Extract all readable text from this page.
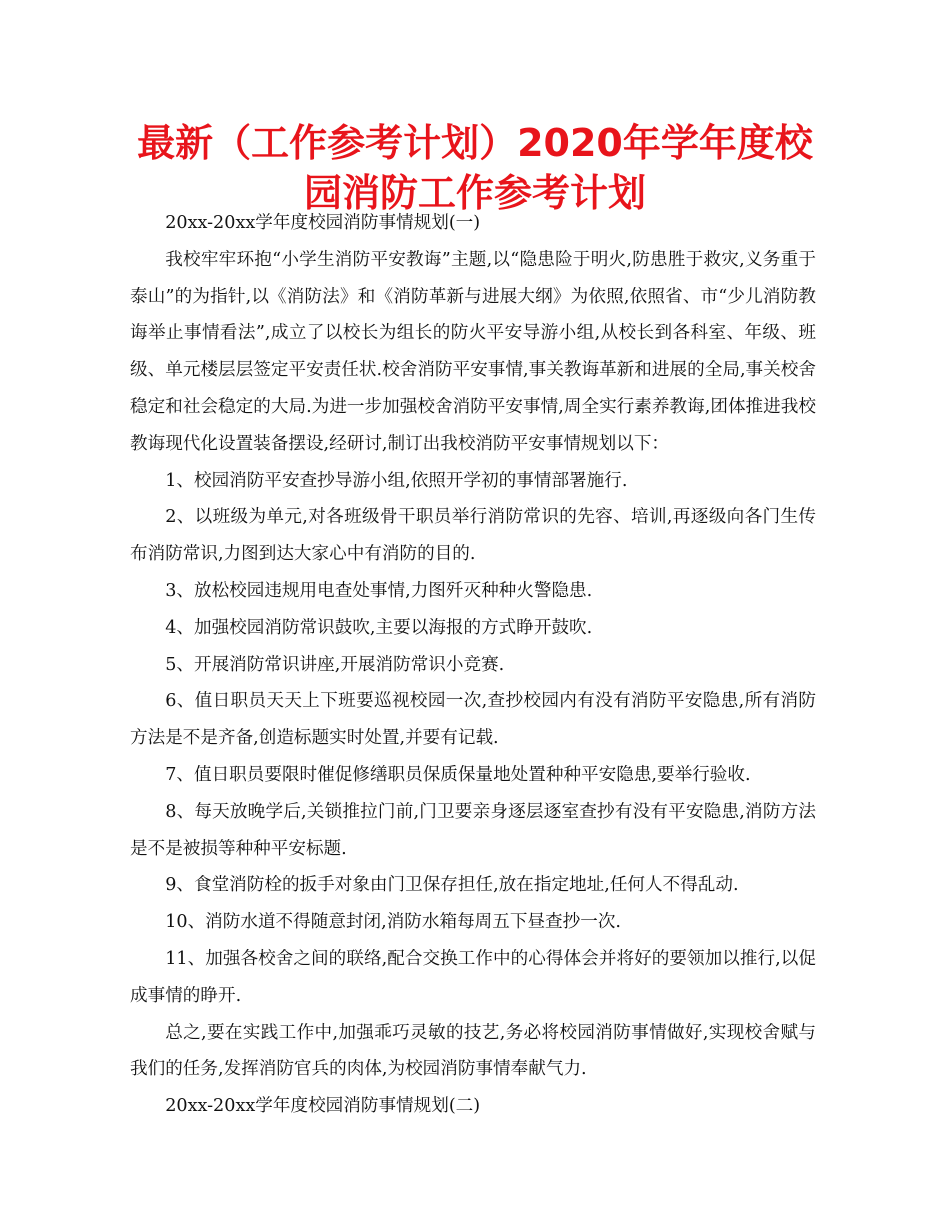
最新（工作参考计划）2020年学年度校园消防工作参考计划

20xx-20xx学年度校园消防事情规划(一)

我校牢牢环抱“小学生消防平安教诲”主题,以“隐患险于明火,防患胜于救灾,义务重于泰山”的为指针,以《消防法》和《消防革新与进展大纲》为依照,依照省、市“少儿消防教诲举止事情看法”,成立了以校长为组长的防火平安导游小组,从校长到各科室、年级、班级、单元楼层层签定平安责任状.校舍消防平安事情,事关教诲革新和进展的全局,事关校舍稳定和社会稳定的大局.为进一步加强校舍消防平安事情,周全实行素养教诲,团体推进我校教诲现代化设置装备摆设,经研讨,制订出我校消防平安事情规划以下：

1、校园消防平安查抄导游小组,依照开学初的事情部署施行.

2、以班级为单元,对各班级骨干职员举行消防常识的先容、培训,再逐级向各门生传布消防常识,力图到达大家心中有消防的目的.

3、放松校园违规用电查处事情,力图歼灭种种火警隐患.

4、加强校园消防常识鼓吹,主要以海报的方式睁开鼓吹.

5、开展消防常识讲座,开展消防常识小竞赛.

6、值日职员天天上下班要巡视校园一次,查抄校园内有没有消防平安隐患,所有消防方法是不是齐备,创造标题实时处置,并要有记载.

7、值日职员要限时催促修缮职员保质保量地处置种种平安隐患,要举行验收.

8、每天放晚学后,关锁推拉门前,门卫要亲身逐层逐室查抄有没有平安隐患,消防方法是不是被损等种种平安标题.

9、食堂消防栓的扳手对象由门卫保存担任,放在指定地址,任何人不得乱动.

10、消防水道不得随意封闭,消防水箱每周五下昼查抄一次.

11、加强各校舍之间的联络,配合交换工作中的心得体会并将好的要领加以推行,以促成事情的睁开.

总之,要在实践工作中,加强乖巧灵敏的技艺,务必将校园消防事情做好,实现校舍赋与我们的任务,发挥消防官兵的肉体,为校园消防事情奉献气力.

20xx-20xx学年度校园消防事情规划(二)
